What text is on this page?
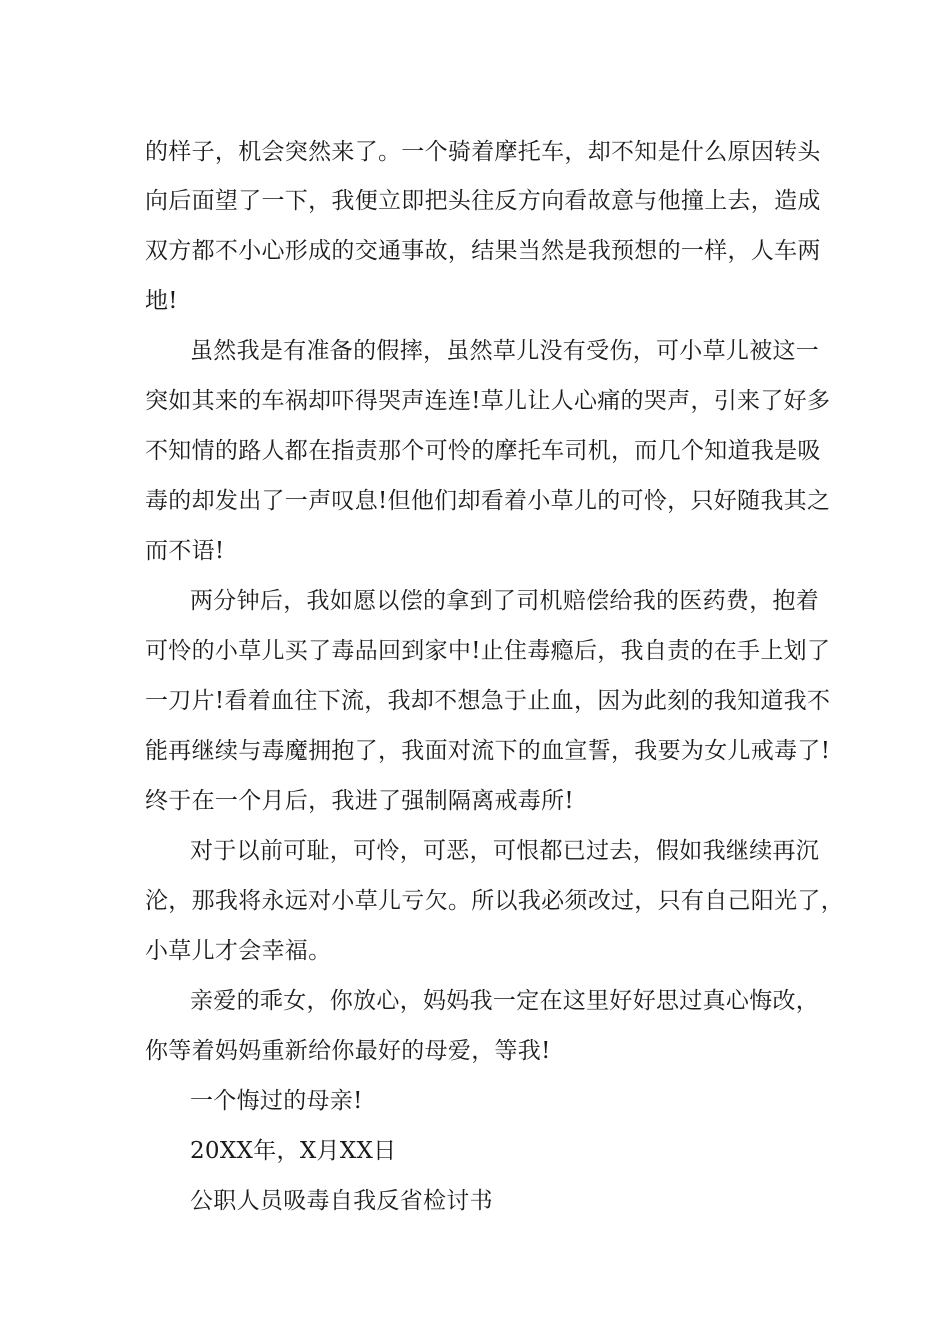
的样子，机会突然来了。一个骑着摩托车，却不知是什么原因转头
向后面望了一下，我便立即把头往反方向看故意与他撞上去，造成
双方都不小心形成的交通事故，结果当然是我预想的一样，人车两
地!
虽然我是有准备的假摔，虽然草儿没有受伤，可小草儿被这一
突如其来的车祸却吓得哭声连连!草儿让人心痛的哭声，引来了好多
不知情的路人都在指责那个可怜的摩托车司机，而几个知道我是吸
毒的却发出了一声叹息!但他们却看着小草儿的可怜，只好随我其之
而不语!
两分钟后，我如愿以偿的拿到了司机赔偿给我的医药费，抱着
可怜的小草儿买了毒品回到家中!止住毒瘾后，我自责的在手上划了
一刀片!看着血往下流，我却不想急于止血，因为此刻的我知道我不
能再继续与毒魔拥抱了，我面对流下的血宣誓，我要为女儿戒毒了!
终于在一个月后，我进了强制隔离戒毒所!
对于以前可耻，可怜，可恶，可恨都已过去，假如我继续再沉
沦，那我将永远对小草儿亏欠。所以我必须改过，只有自己阳光了，
小草儿才会幸福。
亲爱的乖女，你放心，妈妈我一定在这里好好思过真心悔改，
你等着妈妈重新给你最好的母爱，等我!
一个悔过的母亲!
20XX年，X月XX日
公职人员吸毒自我反省检讨书
